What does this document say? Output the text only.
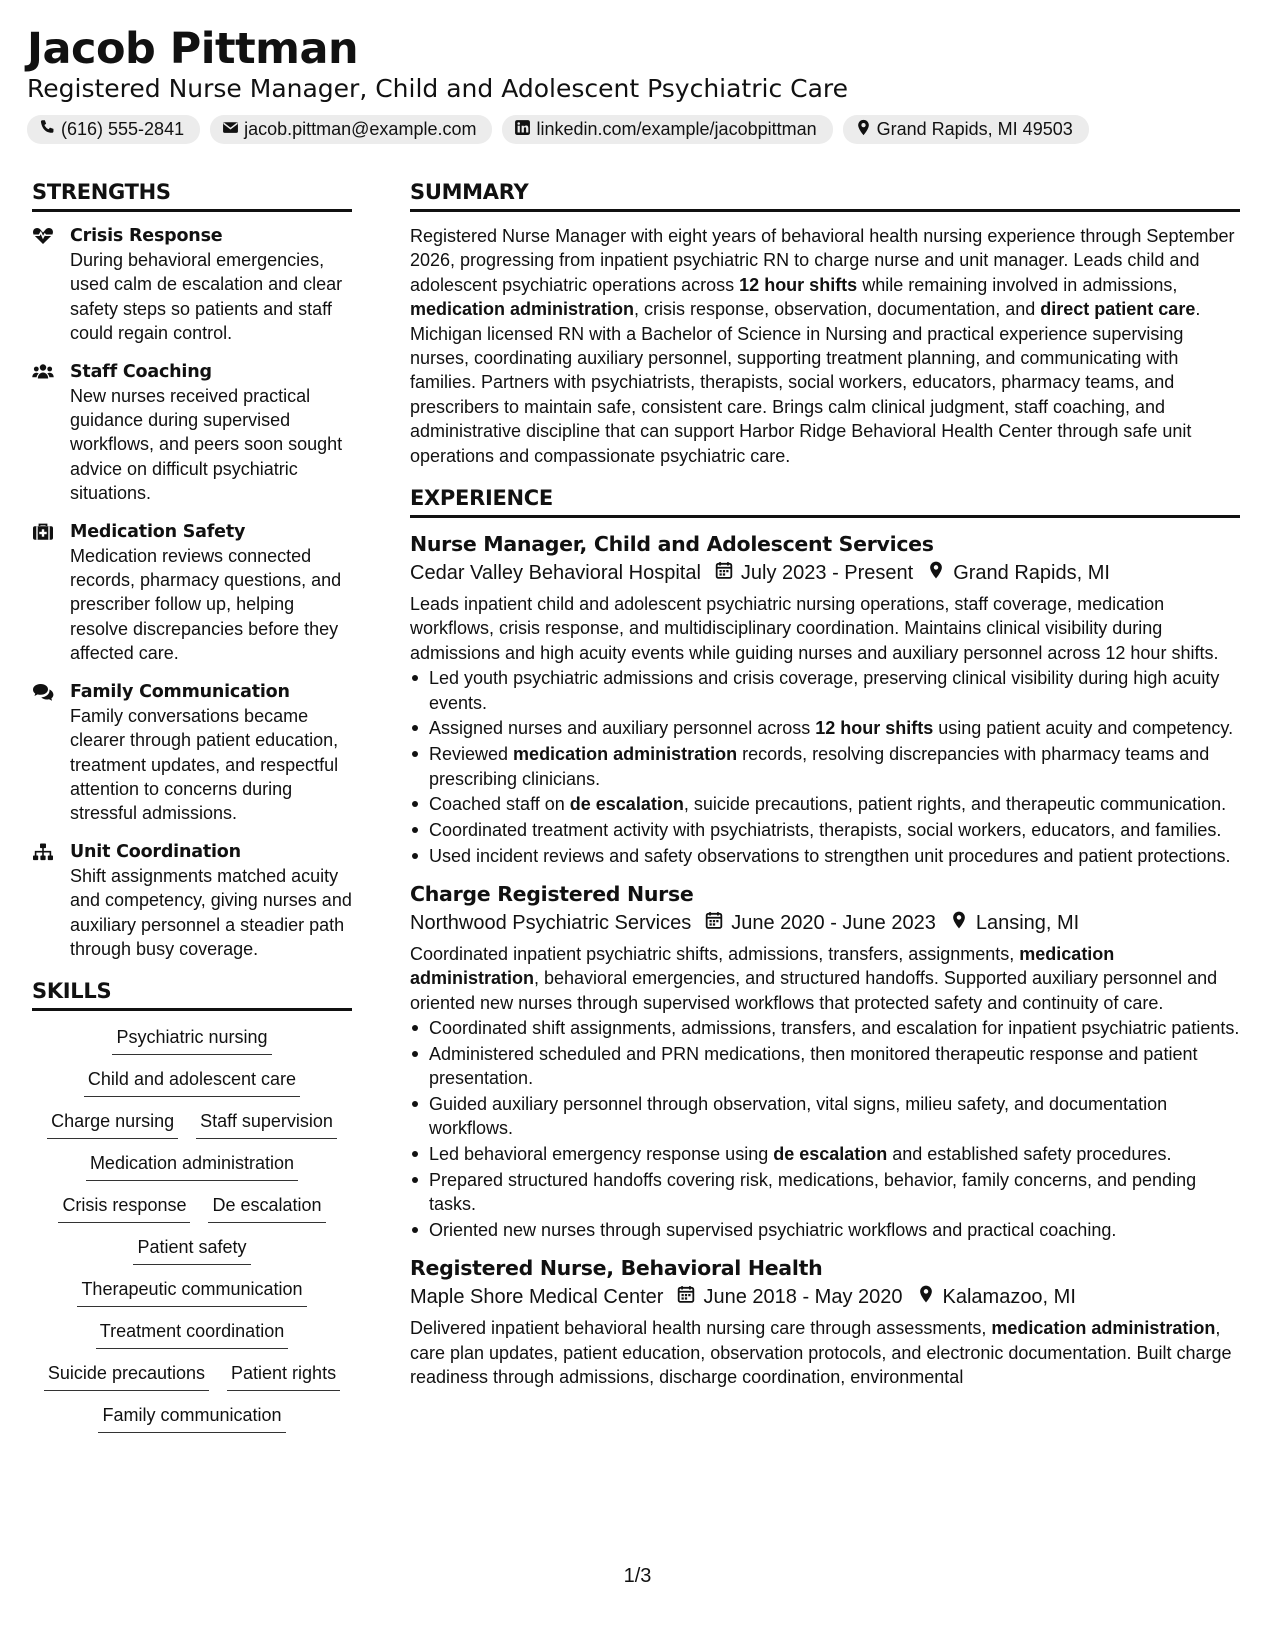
Jacob Pittman
Registered Nurse Manager, Child and Adolescent Psychiatric Care
(616) 555-2841	jacob.pittman@example.com	linkedin.com/example/jacobpittman	Grand Rapids, MI 49503
STRENGTHS
Crisis Response
During behavioral emergencies, used calm de escalation and clear safety steps so patients and staff could regain control.
Staff Coaching
New nurses received practical guidance during supervised workflows, and peers soon sought advice on difficult psychiatric situations.
Medication Safety
Medication reviews connected records, pharmacy questions, and prescriber follow up, helping resolve discrepancies before they affected care.
Family Communication
Family conversations became clearer through patient education, treatment updates, and respectful attention to concerns during stressful admissions.
Unit Coordination
Shift assignments matched acuity and competency, giving nurses and auxiliary personnel a steadier path through busy coverage.
SKILLS
Psychiatric nursing
Child and adolescent care
Charge nursing Staff supervision
Medication administration
Crisis response De escalation
Patient safety
Therapeutic communication
Treatment coordination
Suicide precautions Patient rights
Family communication
SUMMARY
Registered Nurse Manager with eight years of behavioral health nursing experience through September 2026, progressing from inpatient psychiatric RN to charge nurse and unit manager. Leads child and adolescent psychiatric operations across 12 hour shifts while remaining involved in admissions, medication administration, crisis response, observation, documentation, and direct patient care. Michigan licensed RN with a Bachelor of Science in Nursing and practical experience supervising nurses, coordinating auxiliary personnel, supporting treatment planning, and communicating with families. Partners with psychiatrists, therapists, social workers, educators, pharmacy teams, and prescribers to maintain safe, consistent care. Brings calm clinical judgment, staff coaching, and administrative discipline that can support Harbor Ridge Behavioral Health Center through safe unit operations and compassionate psychiatric care.
EXPERIENCE
Nurse Manager, Child and Adolescent Services
Cedar Valley Behavioral Hospital July 2023 - Present Grand Rapids, MI
Leads inpatient child and adolescent psychiatric nursing operations, staff coverage, medication workflows, crisis response, and multidisciplinary coordination. Maintains clinical visibility during admissions and high acuity events while guiding nurses and auxiliary personnel across 12 hour shifts.
Led youth psychiatric admissions and crisis coverage, preserving clinical visibility during high acuity events.
Assigned nurses and auxiliary personnel across 12 hour shifts using patient acuity and competency.
Reviewed medication administration records, resolving discrepancies with pharmacy teams and prescribing clinicians.
Coached staff on de escalation, suicide precautions, patient rights, and therapeutic communication.
Coordinated treatment activity with psychiatrists, therapists, social workers, educators, and families.
Used incident reviews and safety observations to strengthen unit procedures and patient protections.
Charge Registered Nurse
Northwood Psychiatric Services June 2020 - June 2023 Lansing, MI
Coordinated inpatient psychiatric shifts, admissions, transfers, assignments, medication administration, behavioral emergencies, and structured handoffs. Supported auxiliary personnel and oriented new nurses through supervised workflows that protected safety and continuity of care.
Coordinated shift assignments, admissions, transfers, and escalation for inpatient psychiatric patients.
Administered scheduled and PRN medications, then monitored therapeutic response and patient presentation.
Guided auxiliary personnel through observation, vital signs, milieu safety, and documentation workflows.
Led behavioral emergency response using de escalation and established safety procedures.
Prepared structured handoffs covering risk, medications, behavior, family concerns, and pending tasks.
Oriented new nurses through supervised psychiatric workflows and practical coaching.
Registered Nurse, Behavioral Health
Maple Shore Medical Center June 2018 - May 2020 Kalamazoo, MI
Delivered inpatient behavioral health nursing care through assessments, medication administration, care plan updates, patient education, observation protocols, and electronic documentation. Built charge readiness through admissions, discharge coordination, environmental
1/3
